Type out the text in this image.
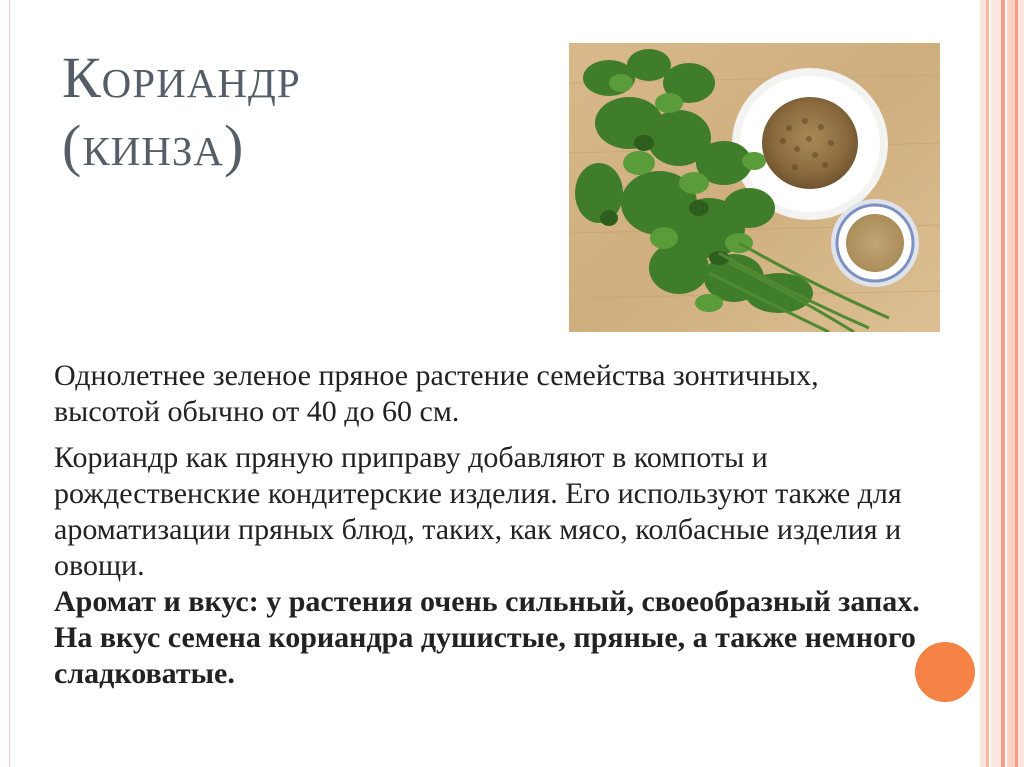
Кориандр
(кинза)

Однолетнее зеленое пряное растение семейства зонтичных, высотой обычно от 40 до 60 см.

Кориандр как пряную приправу добавляют в компоты и рождественские кондитерские изделия. Его используют также для ароматизации пряных блюд, таких, как мясо, колбасные изделия и овощи.

Аромат и вкус: у растения очень сильный, своеобразный запах. На вкус семена кориандра душистые, пряные, а также немного сладковатые.
